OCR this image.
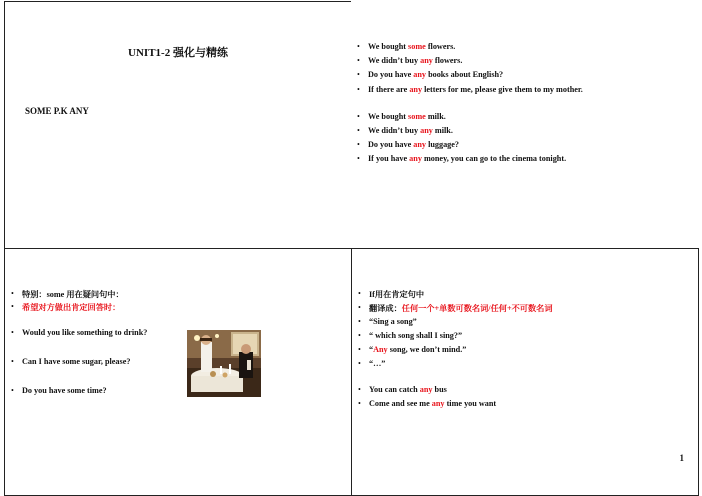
UNIT1-2 强化与精练
SOME P.K ANY
• We bought some flowers.
• We didn’t buy any flowers.
• Do you have any books about English?
• If there are any letters for me, please give them to my mother.
• We bought some milk.
• We didn’t buy any milk.
• Do you have any luggage?
• If you have any money, you can go to the cinema tonight.
• 特别：some 用在疑问句中：
• 希望对方做出肯定回答时：
• Would you like something to drink?
• Can I have some sugar, please?
• Do you have some time?
• If用在肯定句中
• 翻译成：任何一个+单数可数名词/任何+不可数名词
• “Sing a song”
• “ which song shall I sing?”
• “Any song, we don’t mind.”
• “…”
• You can catch any bus
• Come and see me any time you want
1
